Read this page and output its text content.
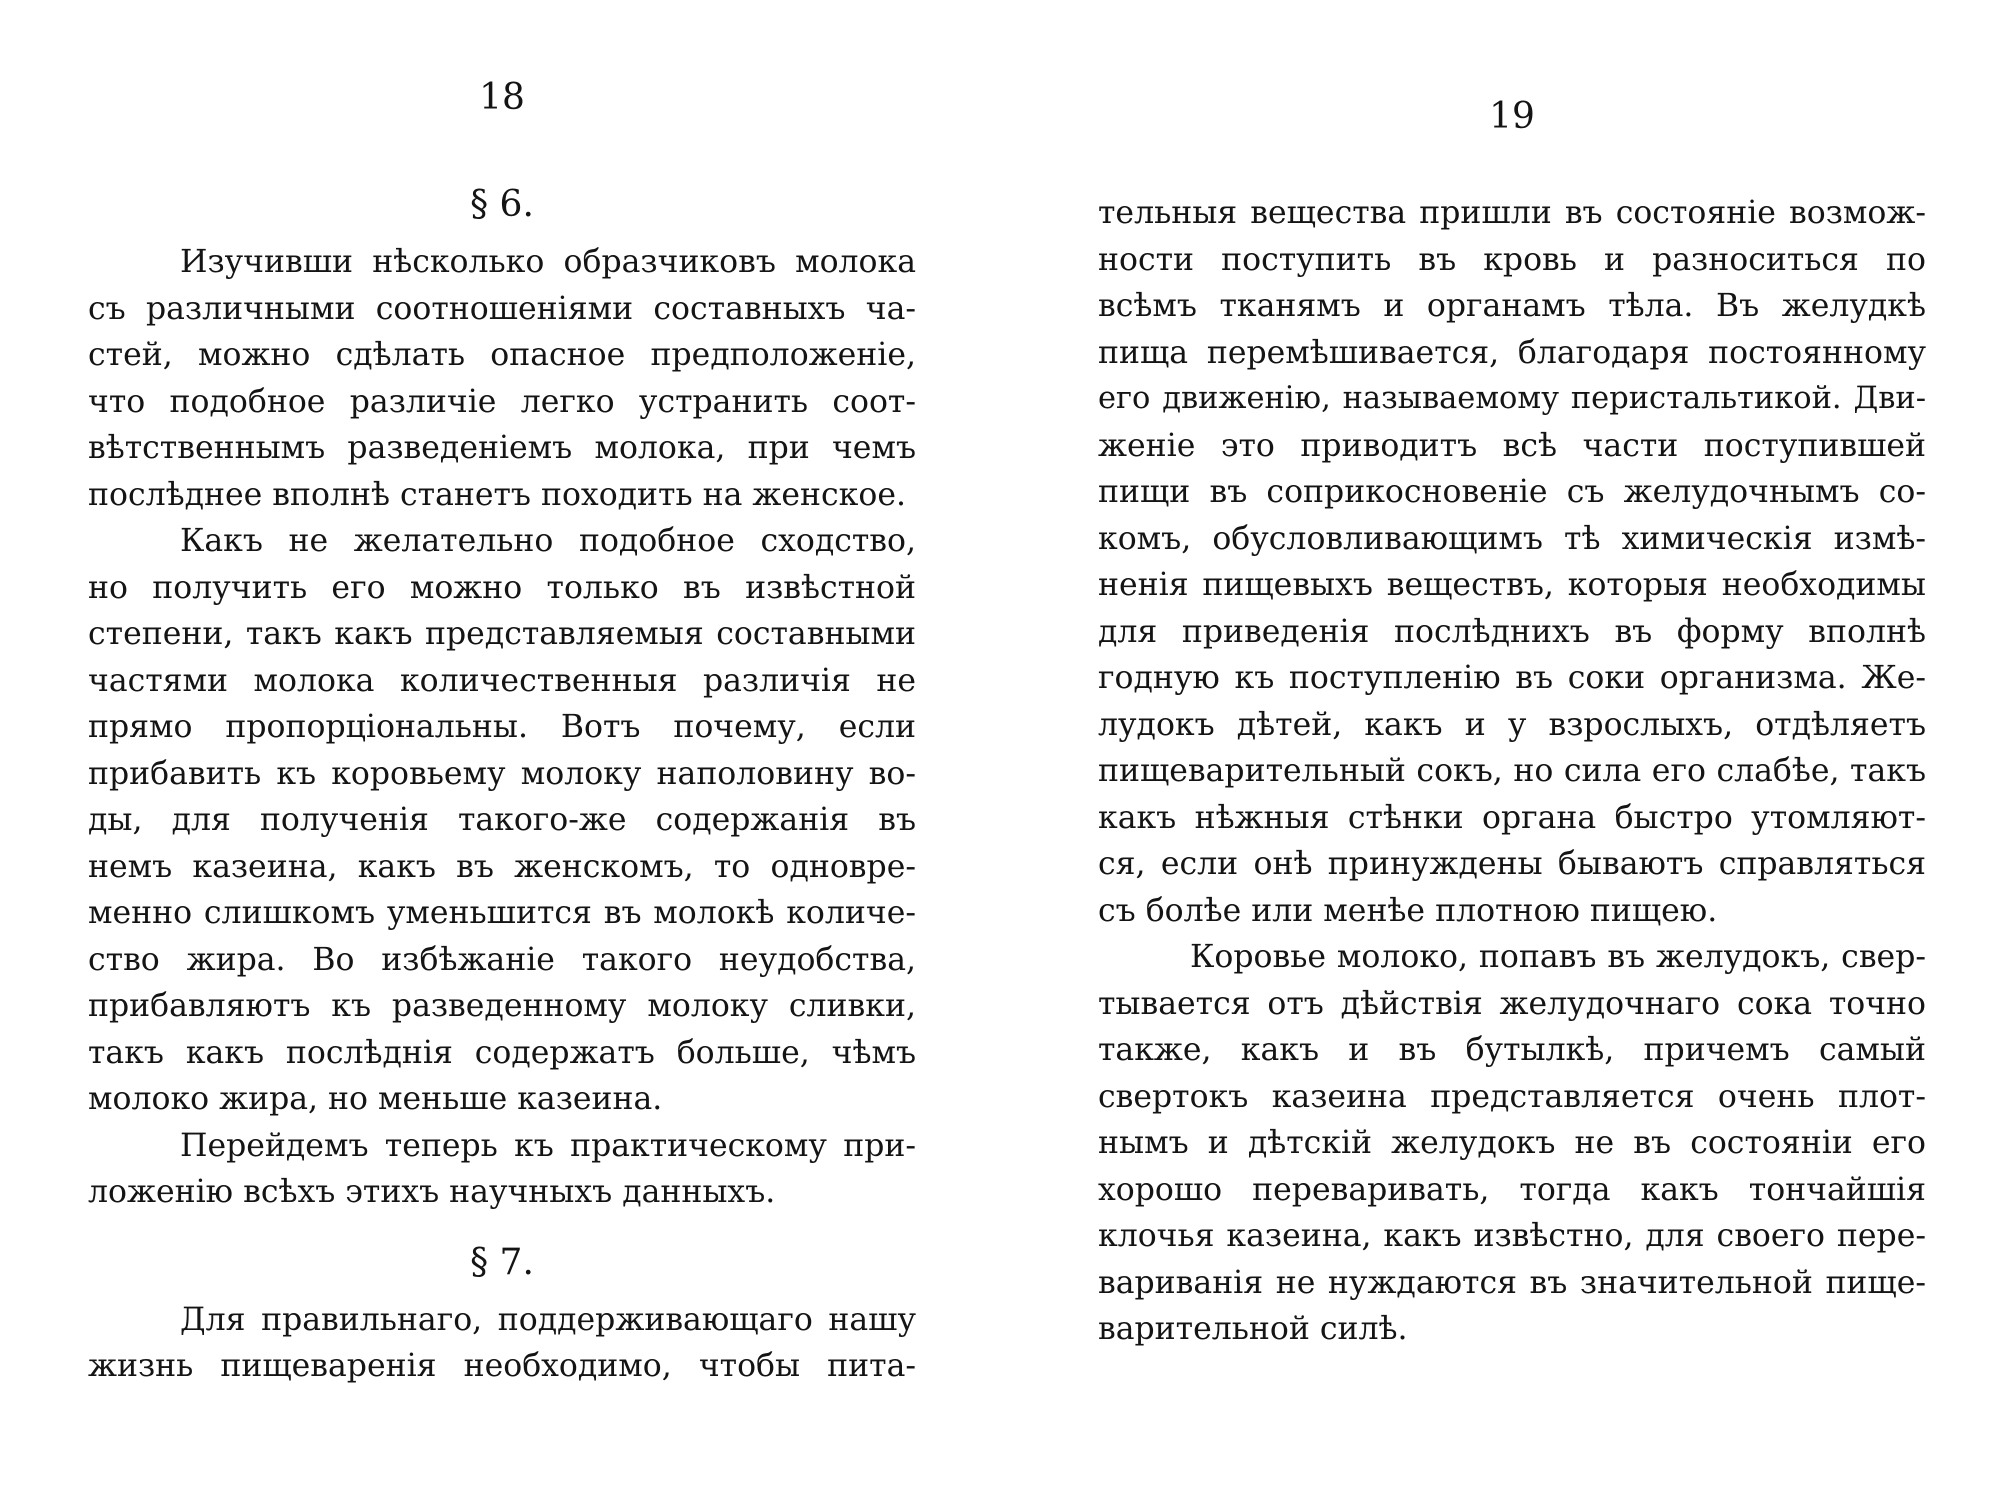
18
§ 6.
Изучивши нѣсколько образчиковъ молока
съ различными соотношеніями составныхъ ча-
стей, можно сдѣлать опасное предположеніе,
что подобное различіе легко устранить соот-
вѣтственнымъ разведеніемъ молока, при чемъ
послѣднее вполнѣ станетъ походить на женское.
Какъ не желательно подобное сходство,
но получить его можно только въ извѣстной
степени, такъ какъ представляемыя составными
частями молока количественныя различія не
прямо пропорціональны. Вотъ почему, если
прибавить къ коровьему молоку наполовину во-
ды, для полученія такого-же содержанія въ
немъ казеина, какъ въ женскомъ, то одновре-
менно слишкомъ уменьшится въ молокѣ количе-
ство жира. Во избѣжаніе такого неудобства,
прибавляютъ къ разведенному молоку сливки,
такъ какъ послѣднія содержатъ больше, чѣмъ
молоко жира, но меньше казеина.
Перейдемъ теперь къ практическому при-
ложенію всѣхъ этихъ научныхъ данныхъ.
§ 7.
Для правильнаго, поддерживающаго нашу
жизнь пищеваренія необходимо, чтобы пита-
19
тельныя вещества пришли въ состояніе возмож-
ности поступить въ кровь и разноситься по
всѣмъ тканямъ и органамъ тѣла. Въ желудкѣ
пища перемѣшивается, благодаря постоянному
его движенію, называемому перистальтикой. Дви-
женіе это приводитъ всѣ части поступившей
пищи въ соприкосновеніе съ желудочнымъ со-
комъ, обусловливающимъ тѣ химическія измѣ-
ненія пищевыхъ веществъ, которыя необходимы
для приведенія послѣднихъ въ форму вполнѣ
годную къ поступленію въ соки организма. Же-
лудокъ дѣтей, какъ и у взрослыхъ, отдѣляетъ
пищеварительный сокъ, но сила его слабѣе, такъ
какъ нѣжныя стѣнки органа быстро утомляют-
ся, если онѣ принуждены бываютъ справляться
съ болѣе или менѣе плотною пищею.
Коровье молоко, попавъ въ желудокъ, свер-
тывается отъ дѣйствія желудочнаго сока точно
также, какъ и въ бутылкѣ, причемъ самый
свертокъ казеина представляется очень плот-
нымъ и дѣтскій желудокъ не въ состояніи его
хорошо переваривать, тогда какъ тончайшія
клочья казеина, какъ извѣстно, для своего пере-
вариванія не нуждаются въ значительной пище-
варительной силѣ.
